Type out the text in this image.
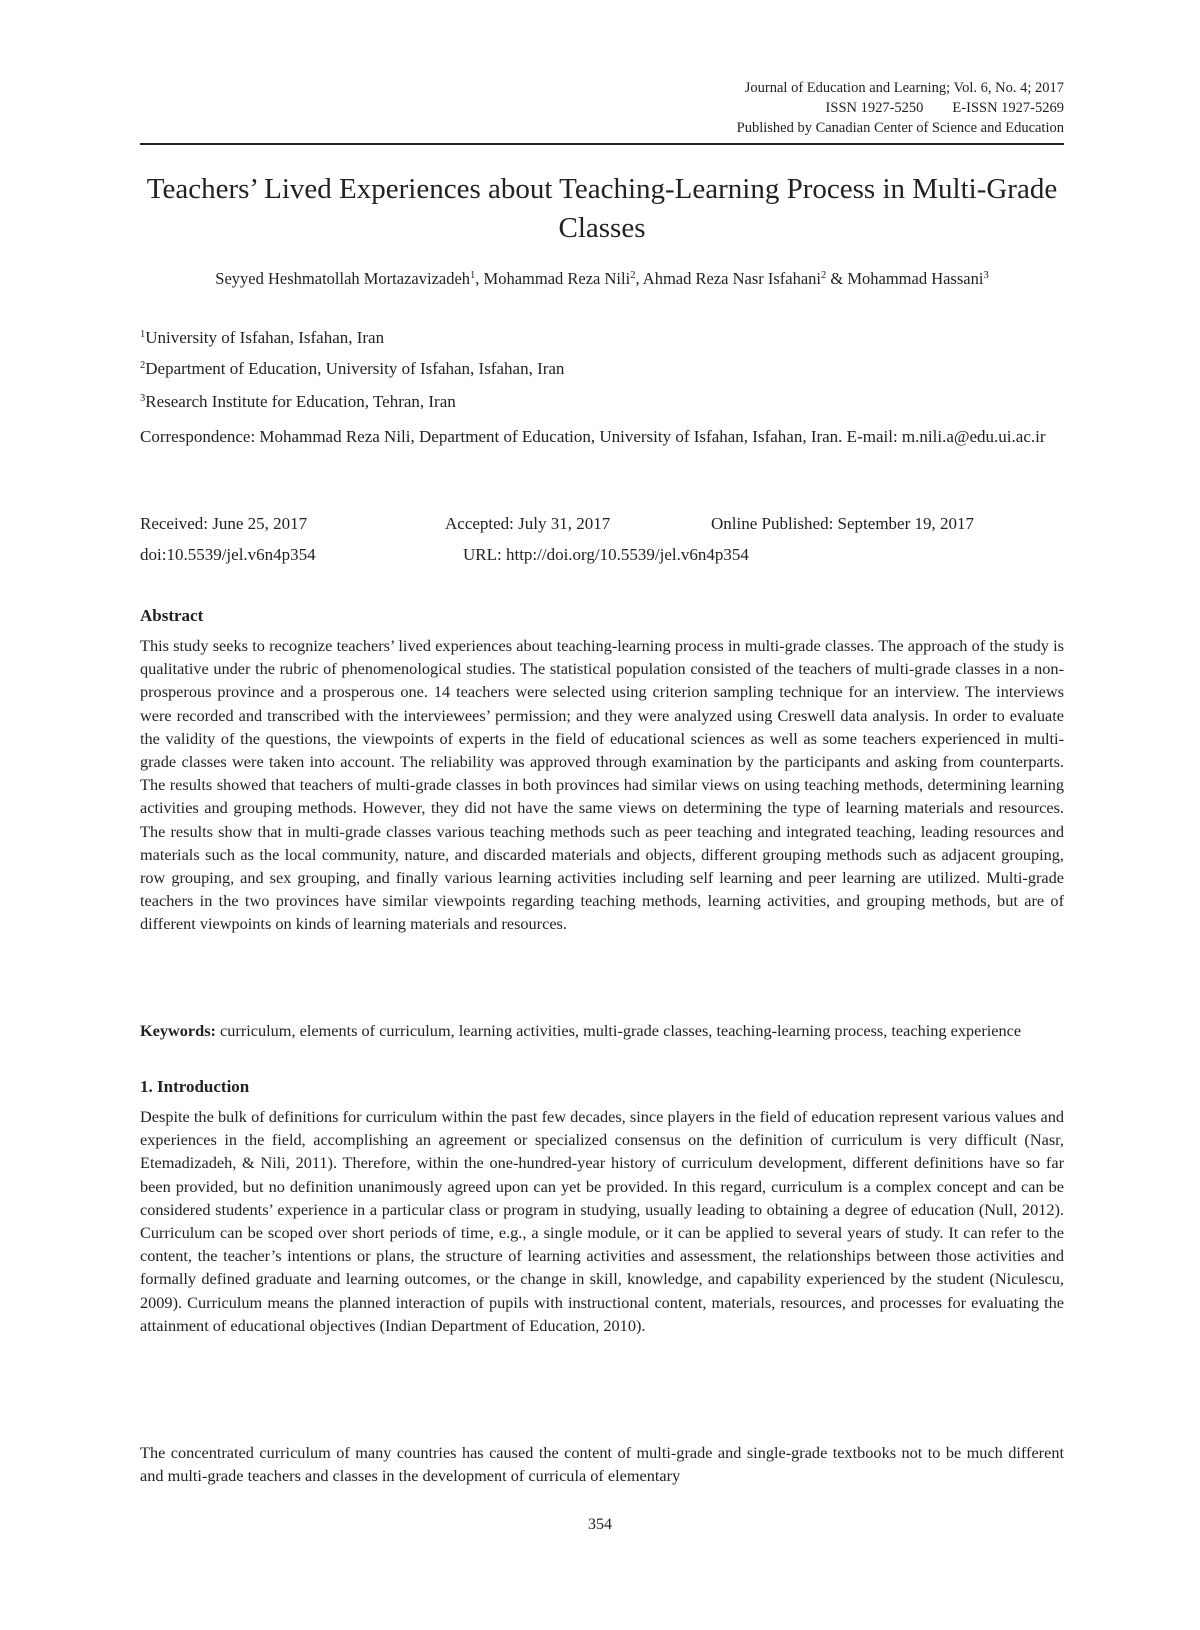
Journal of Education and Learning; Vol. 6, No. 4; 2017
ISSN 1927-5250        E-ISSN 1927-5269
Published by Canadian Center of Science and Education
Teachers’ Lived Experiences about Teaching-Learning Process in Multi-Grade Classes
Seyyed Heshmatollah Mortazavizadeh$^1$, Mohammad Reza Nili$^2$, Ahmad Reza Nasr Isfahani$^2$ & Mohammad Hassani$^3$
$^1$University of Isfahan, Isfahan, Iran
$^2$Department of Education, University of Isfahan, Isfahan, Iran
$^3$Research Institute for Education, Tehran, Iran
Correspondence: Mohammad Reza Nili, Department of Education, University of Isfahan, Isfahan, Iran. E-mail: m.nili.a@edu.ui.ac.ir
Received: June 25, 2017	Accepted: July 31, 2017	Online Published: September 19, 2017
doi:10.5539/jel.v6n4p354	URL: http://doi.org/10.5539/jel.v6n4p354
Abstract
This study seeks to recognize teachers’ lived experiences about teaching-learning process in multi-grade classes. The approach of the study is qualitative under the rubric of phenomenological studies. The statistical population consisted of the teachers of multi-grade classes in a non-prosperous province and a prosperous one. 14 teachers were selected using criterion sampling technique for an interview. The interviews were recorded and transcribed with the interviewees’ permission; and they were analyzed using Creswell data analysis. In order to evaluate the validity of the questions, the viewpoints of experts in the field of educational sciences as well as some teachers experienced in multi-grade classes were taken into account. The reliability was approved through examination by the participants and asking from counterparts. The results showed that teachers of multi-grade classes in both provinces had similar views on using teaching methods, determining learning activities and grouping methods. However, they did not have the same views on determining the type of learning materials and resources. The results show that in multi-grade classes various teaching methods such as peer teaching and integrated teaching, leading resources and materials such as the local community, nature, and discarded materials and objects, different grouping methods such as adjacent grouping, row grouping, and sex grouping, and finally various learning activities including self learning and peer learning are utilized. Multi-grade teachers in the two provinces have similar viewpoints regarding teaching methods, learning activities, and grouping methods, but are of different viewpoints on kinds of learning materials and resources.
Keywords: curriculum, elements of curriculum, learning activities, multi-grade classes, teaching-learning process, teaching experience
1. Introduction
Despite the bulk of definitions for curriculum within the past few decades, since players in the field of education represent various values and experiences in the field, accomplishing an agreement or specialized consensus on the definition of curriculum is very difficult (Nasr, Etemadizadeh, & Nili, 2011). Therefore, within the one-hundred-year history of curriculum development, different definitions have so far been provided, but no definition unanimously agreed upon can yet be provided. In this regard, curriculum is a complex concept and can be considered students’ experience in a particular class or program in studying, usually leading to obtaining a degree of education (Null, 2012). Curriculum can be scoped over short periods of time, e.g., a single module, or it can be applied to several years of study. It can refer to the content, the teacher’s intentions or plans, the structure of learning activities and assessment, the relationships between those activities and formally defined graduate and learning outcomes, or the change in skill, knowledge, and capability experienced by the student (Niculescu, 2009). Curriculum means the planned interaction of pupils with instructional content, materials, resources, and processes for evaluating the attainment of educational objectives (Indian Department of Education, 2010).
The concentrated curriculum of many countries has caused the content of multi-grade and single-grade textbooks not to be much different and multi-grade teachers and classes in the development of curricula of elementary
354
